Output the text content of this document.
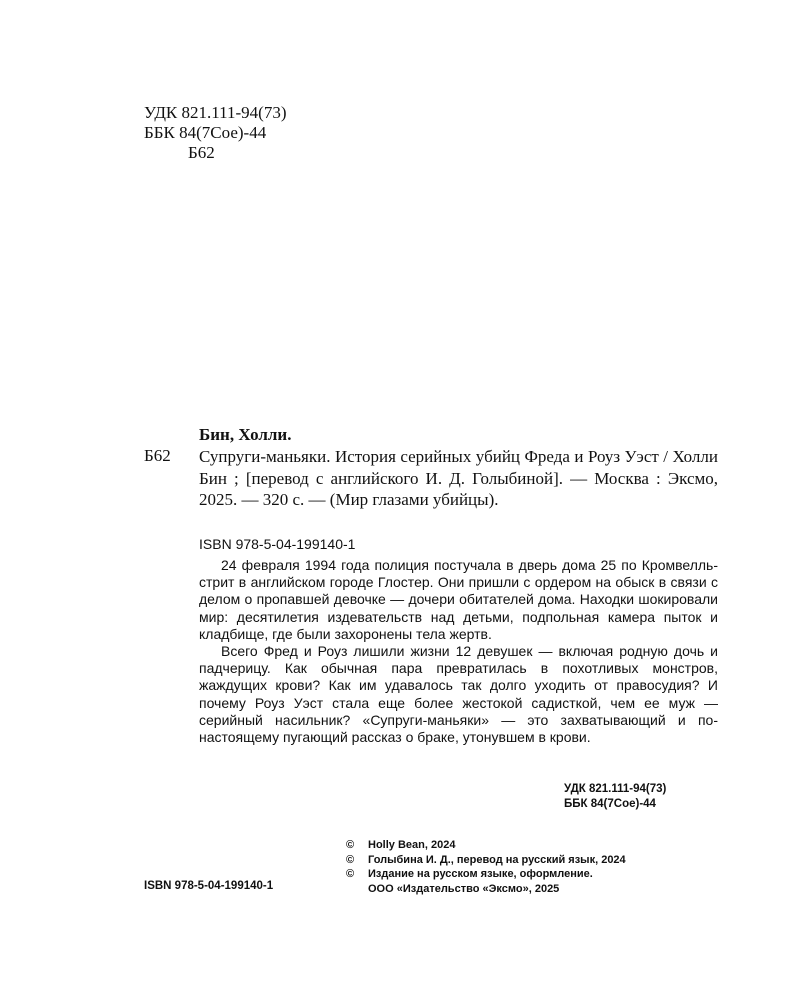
УДК 821.111-94(73)
ББК 84(7Сое)-44
Б62
Бин, Холли.
Б62 Супруги-маньяки. История серийных убийц Фреда и Роуз Уэст / Холли Бин ; [перевод с английского И. Д. Голыбиной]. — Москва : Эксмо, 2025. — 320 с. — (Мир глазами убийцы).
ISBN 978-5-04-199140-1

24 февраля 1994 года полиция постучала в дверь дома 25 по Кромвелль-стрит в английском городе Глостер. Они пришли с ордером на обыск в связи с делом о пропавшей девочке — дочери обитателей дома. Находки шокировали мир: десятилетия издевательств над детьми, подпольная камера пыток и кладбище, где были захоронены тела жертв.

Всего Фред и Роуз лишили жизни 12 девушек — включая родную дочь и падчерицу. Как обычная пара превратилась в похотливых монстров, жаждущих крови? Как им удавалось так долго уходить от правосудия? И почему Роуз Уэст стала еще более жестокой садисткой, чем ее муж — серийный насильник? «Супруги-маньяки» — это захватывающий и по-настоящему пугающий рассказ о браке, утонувшем в крови.

УДК 821.111-94(73)
ББК 84(7Сое)-44
©	Holly Bean, 2024
©	Голыбина И. Д., перевод на русский язык, 2024
©	Издание на русском языке, оформление.
ООО «Издательство «Эксмо», 2025
ISBN 978-5-04-199140-1
